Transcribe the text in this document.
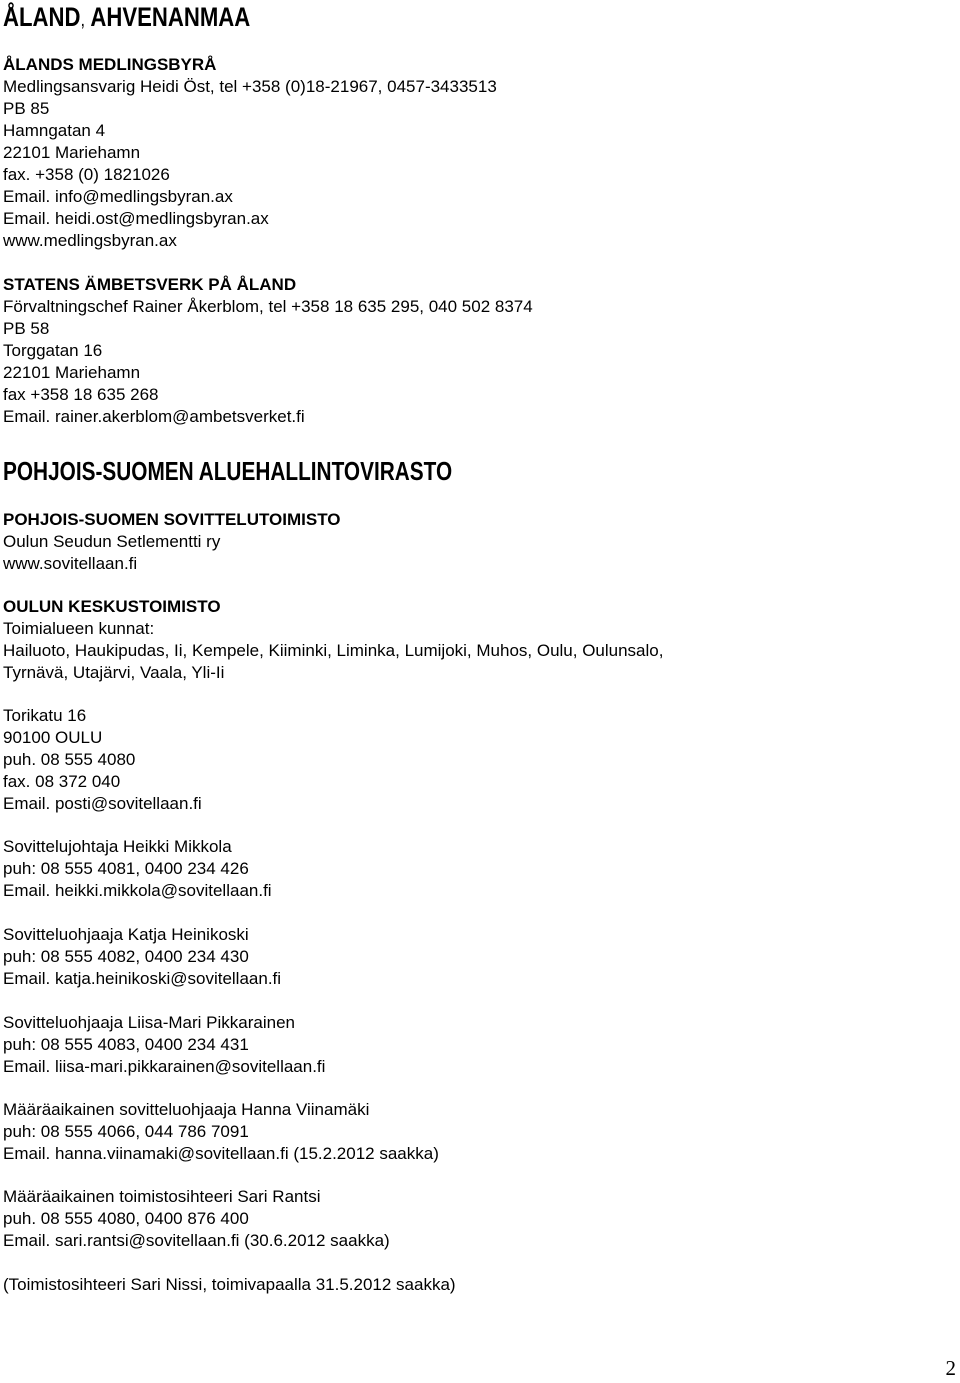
ÅLAND, AHVENANMAA
ÅLANDS MEDLINGSBYRÅ
Medlingsansvarig Heidi Öst, tel +358 (0)18-21967, 0457-3433513
PB 85
Hamngatan 4
22101 Mariehamn
fax. +358 (0) 1821026
Email. info@medlingsbyran.ax
Email. heidi.ost@medlingsbyran.ax
www.medlingsbyran.ax
STATENS ÄMBETSVERK PÅ ÅLAND
Förvaltningschef Rainer Åkerblom, tel +358 18 635 295, 040 502 8374
PB 58
Torggatan 16
22101 Mariehamn
fax +358 18 635 268
Email. rainer.akerblom@ambetsverket.fi
POHJOIS-SUOMEN ALUEHALLINTOVIRASTO
POHJOIS-SUOMEN SOVITTELUTOIMISTO
Oulun Seudun Setlementti ry
www.sovitellaan.fi
OULUN KESKUSTOIMISTO
Toimialueen kunnat:
Hailuoto, Haukipudas, Ii, Kempele, Kiiminki, Liminka, Lumijoki, Muhos, Oulu, Oulunsalo,
Tyrnävä, Utajärvi, Vaala, Yli-Ii
Torikatu 16
90100 OULU
puh. 08 555 4080
fax. 08 372 040
Email. posti@sovitellaan.fi
Sovittelujohtaja Heikki Mikkola
puh: 08 555 4081, 0400 234 426
Email. heikki.mikkola@sovitellaan.fi
Sovitteluohjaaja Katja Heinikoski
puh: 08 555 4082, 0400 234 430
Email. katja.heinikoski@sovitellaan.fi
Sovitteluohjaaja Liisa-Mari Pikkarainen
puh: 08 555 4083, 0400 234 431
Email. liisa-mari.pikkarainen@sovitellaan.fi
Määräaikainen sovitteluohjaaja Hanna Viinamäki
puh: 08 555 4066, 044 786 7091
Email. hanna.viinamaki@sovitellaan.fi (15.2.2012 saakka)
Määräaikainen toimistosihteeri Sari Rantsi
puh. 08 555 4080, 0400 876 400
Email. sari.rantsi@sovitellaan.fi (30.6.2012 saakka)
(Toimistosihteeri Sari Nissi, toimivapaalla 31.5.2012 saakka)
2
